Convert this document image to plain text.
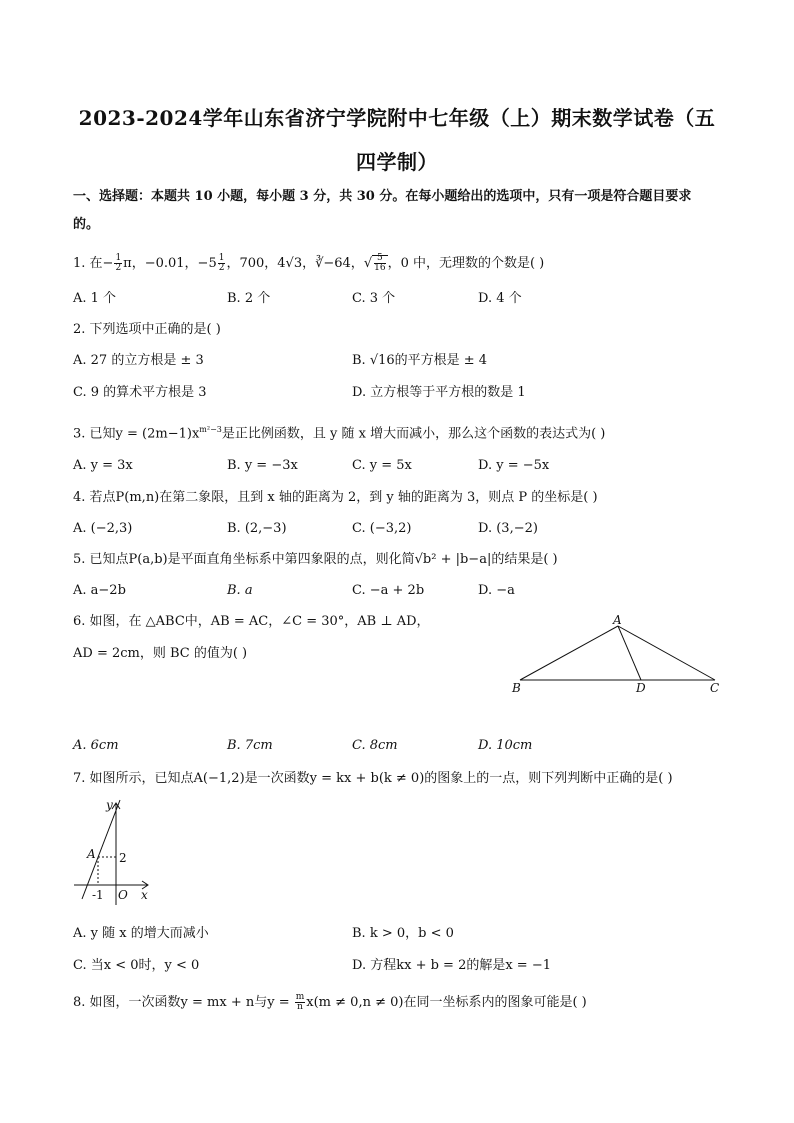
2023-2024学年山东省济宁学院附中七年级（上）期末数学试卷（五
四学制）
一、选择题：本题共 10 小题，每小题 3 分，共 30 分。在每小题给出的选项中，只有一项是符合题目要求
的。
1. 在− $\frac{1}{2}$ π，−0.01，$-5 \frac{1}{2}$ ，700，4√3，∛−64，√ $\frac{5}{16}$ ，0 中，无理数的个数是( )
A. 1 个	B. 2 个	C. 3 个	D. 4 个
2. 下列选项中正确的是( )
A. 27 的立方根是 ± 3	B. √16的平方根是 ± 4
C. 9 的算术平方根是 3	D. 立方根等于平方根的数是 1
3. 已知$y = (2m-1)x^{m^2-3}$是正比例函数，且 y 随 x 增大而减小，那么这个函数的表达式为( )
A. y = 3x	B. y = −3x	C. y = 5x	D. y = −5x
4. 若点P(m,n)在第二象限，且到 x 轴的距离为 2，到 y 轴的距离为 3，则点 P 的坐标是( )
A. (−2,3)	B. (2,−3)	C. (−3,2)	D. (3,−2)
5. 已知点P(a,b)是平面直角坐标系中第四象限的点，则化简√b² + |b−a|的结果是( )
A. a−2b	B. a	C. −a + 2b	D. −a
6. 如图，在 △ABC中，AB = AC，∠C = 30°，AB ⊥ AD，
AD = 2cm，则 BC 的值为( )
A
B	D	C
A. 6cm	B. 7cm	C. 8cm	D. 10cm
7. 如图所示，已知点A(−1,2)是一次函数y = kx + b(k ≠ 0)的图象上的一点，则下列判断中正确的是( )
y
x
A 2
-1 O
A. y 随 x 的增大而减小	B. k > 0，b < 0
C. 当x < 0时，y < 0	D. 方程kx + b = 2的解是x = −1
8. 如图，一次函数y = mx + n与$y = \frac{m}{n} x(m \ne 0,n \ne 0)$在同一坐标系内的图象可能是( )
